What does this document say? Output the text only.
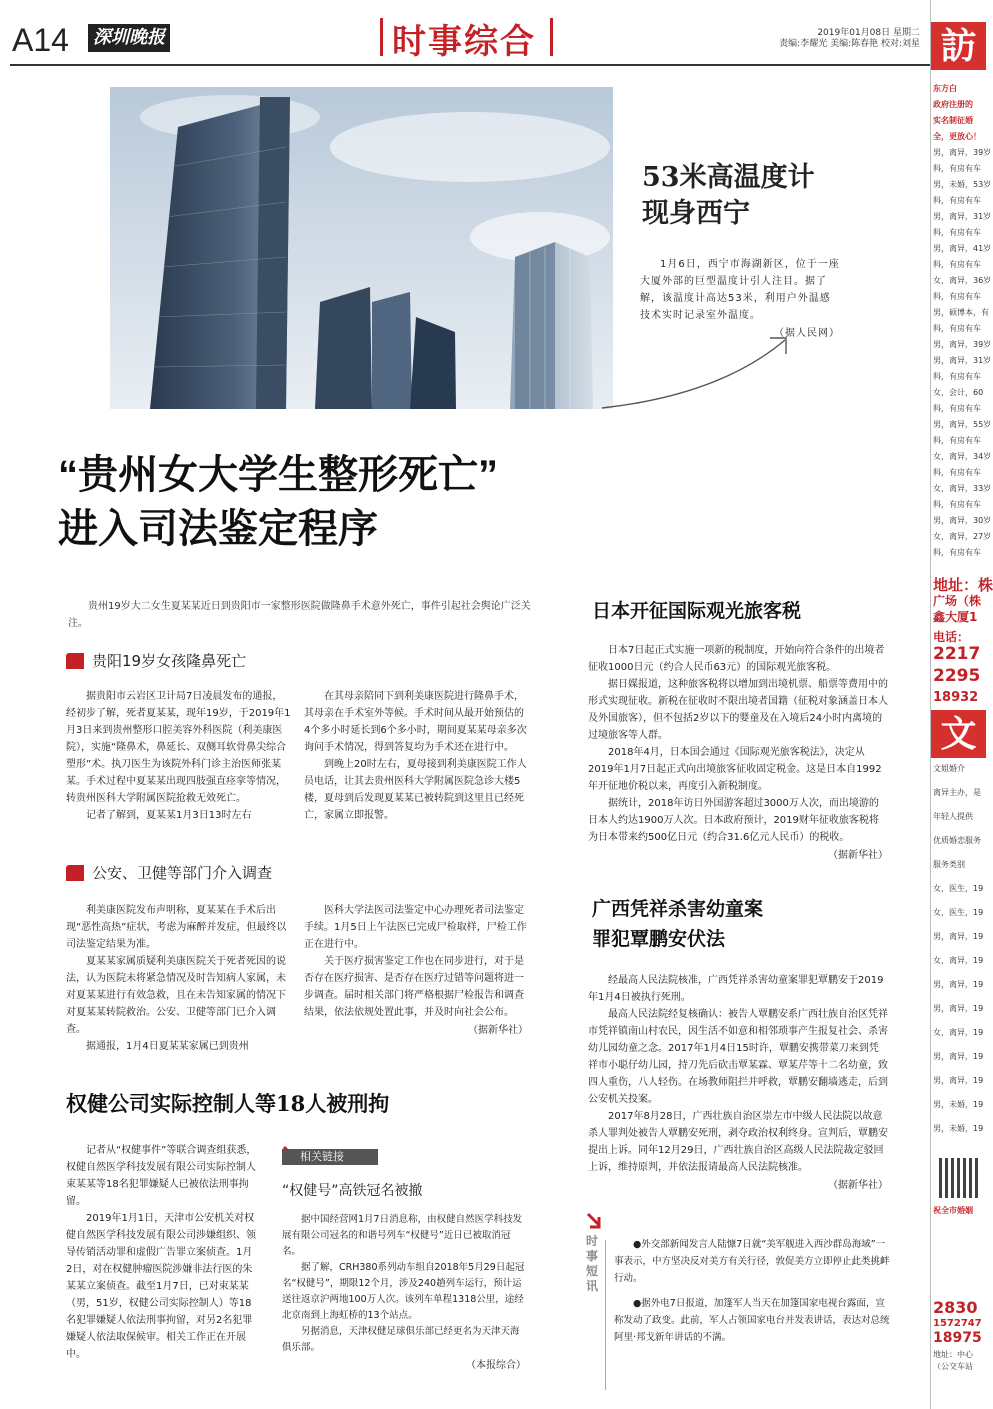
A14 深圳晚报	时事综合	2019年01月08日 星期二
责编:李耀光 美编:陈春艳 校对:刘星
53米高温度计
现身西宁
1月6日，西宁市海湖新区，位于一座大厦外部的巨型温度计引人注目。据了解，该温度计高达53米，利用户外温感技术实时记录室外温度。
（据人民网）
“贵州女大学生整形死亡”
进入司法鉴定程序
贵州19岁大二女生夏某某近日到贵阳市一家整形医院做隆鼻手术意外死亡，事件引起社会舆论广泛关注。
贵阳19岁女孩隆鼻死亡

据贵阳市云岩区卫计局7日凌晨发布的通报，经初步了解，死者夏某某，现年19岁，于2019年1月3日来到贵州整形口腔美容外科医院（利美康医院），实施“隆鼻术，鼻延长、双侧耳软骨鼻尖综合塑形”术。执刀医生为该院外科门诊主治医师张某某。手术过程中夏某某出现四肢强直痉挛等情况，转贵州医科大学附属医院抢救无效死亡。

记者了解到，夏某某1月3日13时左右

在其母亲陪同下到利美康医院进行隆鼻手术，其母亲在手术室外等候。手术时间从最开始预估的4个多小时延长到6个多小时，期间夏某某母亲多次询问手术情况，得到答复均为手术还在进行中。

到晚上20时左右，夏母接到利美康医院工作人员电话，让其去贵州医科大学附属医院急诊大楼5楼，夏母到后发现夏某某已被转院到这里且已经死亡，家属立即报警。

公安、卫健等部门介入调查

利美康医院发布声明称，夏某某在手术后出现“恶性高热”症状，考虑为麻醉并发症，但最终以司法鉴定结果为准。

夏某某家属质疑利美康医院关于死者死因的说法，认为医院未将紧急情况及时告知病人家属，未对夏某某进行有效急救，且在未告知家属的情况下对夏某某转院救治。公安、卫健等部门已介入调查。

据通报，1月4日夏某某家属已到贵州

医科大学法医司法鉴定中心办理死者司法鉴定手续。1月5日上午法医已完成尸检取样，尸检工作正在进行中。

关于医疗损害鉴定工作也在同步进行，对于是否存在医疗损害、是否存在医疗过错等问题将进一步调查。届时相关部门将严格根据尸检报告和调查结果，依法依规处置此事，并及时向社会公布。

（据新华社）
权健公司实际控制人等18人被刑拘

记者从“权健事件”等联合调查组获悉，权健自然医学科技发展有限公司实际控制人束某某等18名犯罪嫌疑人已被依法刑事拘留。

2019年1月1日，天津市公安机关对权健自然医学科技发展有限公司涉嫌组织、领导传销活动罪和虚假广告罪立案侦查。1月2日，对在权健肿瘤医院涉嫌非法行医的朱某某立案侦查。截至1月7日，已对束某某（男，51岁，权健公司实际控制人）等18名犯罪嫌疑人依法刑事拘留，对另2名犯罪嫌疑人依法取保候审。相关工作正在开展中。

相关链接
“权健号”高铁冠名被撤

据中国经营网1月7日消息称，由权健自然医学科技发展有限公司冠名的和谐号列车“权健号”近日已被取消冠名。

据了解，CRH380系列动车组自2018年5月29日起冠名“权健号”，期限12个月，涉及240趟列车运行，预计运送往返京沪两地100万人次。该列车单程1318公里，途经北京南到上海虹桥的13个站点。

另据消息，天津权健足球俱乐部已经更名为天津天海俱乐部。

（本报综合）
日本开征国际观光旅客税

日本7日起正式实施一项新的税制度，开始向符合条件的出境者征收1000日元（约合人民币63元）的国际观光旅客税。

据日媒报道，这种旅客税将以增加到出境机票、船票等费用中的形式实现征收。新税在征收时不限出境者国籍（征税对象涵盖日本人及外国旅客），但不包括2岁以下的婴童及在入境后24小时内离境的过境旅客等人群。

2018年4月，日本国会通过《国际观光旅客税法》，决定从2019年1月7日起正式向出境旅客征收固定税金。这是日本自1992年开征地价税以来，再度引入新税制度。

据统计，2018年访日外国游客超过3000万人次，而出境游的日本人约达1900万人次。日本政府预计，2019财年征收旅客税将为日本带来约500亿日元（约合31.6亿元人民币）的税收。

（据新华社）
广西凭祥杀害幼童案
罪犯覃鹏安伏法

经最高人民法院核准，广西凭祥杀害幼童案罪犯覃鹏安于2019年1月4日被执行死刑。

最高人民法院经复核确认：被告人覃鹏安系广西壮族自治区凭祥市凭祥镇南山村农民，因生活不如意和相邻琐事产生报复社会、杀害幼儿园幼童之念。2017年1月4日15时许，覃鹏安携带菜刀来到凭祥市小聪仔幼儿园，持刀先后砍击覃某霖、覃某芹等十二名幼童，致四人重伤，八人轻伤。在场教师阻拦并呼救，覃鹏安翻墙逃走，后到公安机关投案。

2017年8月28日，广西壮族自治区崇左市中级人民法院以故意杀人罪判处被告人覃鹏安死刑，剥夺政治权利终身。宣判后，覃鹏安提出上诉。同年12月29日，广西壮族自治区高级人民法院裁定驳回上诉，维持原判，并依法报请最高人民法院核准。

（据新华社）
时事短讯

●外交部新闻发言人陆慷7日就“美军舰进入西沙群岛海域”一事表示，中方坚决反对美方有关行径，敦促美方立即停止此类挑衅行动。

●据外电7日报道，加篷军人当天在加篷国家电视台露面，宣称发动了政变。此前，军人占领国家电台并发表讲话，表达对总统阿里·邦戈新年讲话的不满。

訪
东方白
政府注册的
实名制征婚
全，更放心！
男，离异，39岁
科，有房有车
男，未婚，53岁
科，有房有车
男，离异，31岁
科，有房有车
男，离异，41岁
科，有房有车
女，离异，36岁
科，有房有车
男，硕博本，有
科，有房有车
男，离异，39岁
男，离异，31岁
科，有房有车
女，会计，60
科，有房有车
男，离异，55岁
科，有房有车
女，离异，34岁
科，有房有车
女，离异，33岁
科，有房有车
男，离异，30岁
女，离异，27岁
科，有房有车
地址：株
广场（株
鑫大厦1
电话：
2217
2295
18932
文
文姐婚介
离异主办，是
年轻人提供
优质婚恋服务
服务类别
女，医生，19
女，医生，19
男，离异，19
女，离异，19
男，离异，19
男，离异，19
女，离异，19
男，离异，19
男，离异，19
男，未婚，19
男，未婚，19
祝全市婚姻
2830
1572747
18975
地址：中心
（公交车站
